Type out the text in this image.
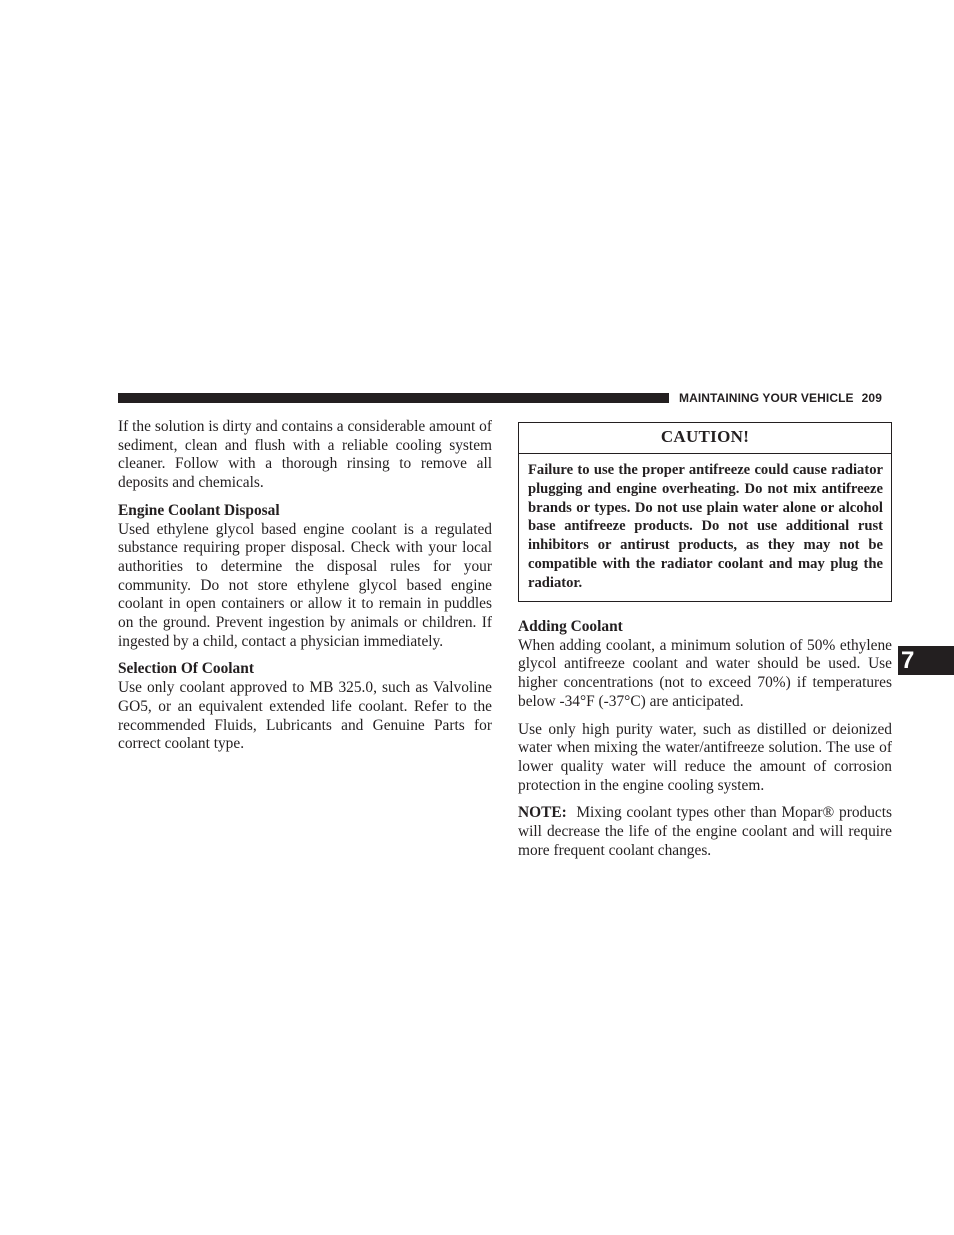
MAINTAINING YOUR VEHICLE 209

If the solution is dirty and contains a considerable amount of sediment, clean and flush with a reliable cooling system cleaner. Follow with a thorough rinsing to remove all deposits and chemicals.

Engine Coolant Disposal

Used ethylene glycol based engine coolant is a regulated substance requiring proper disposal. Check with your local authorities to determine the disposal rules for your community. Do not store ethylene glycol based engine coolant in open containers or allow it to remain in puddles on the ground. Prevent ingestion by animals or children. If ingested by a child, contact a physician immediately.

Selection Of Coolant

Use only coolant approved to MB 325.0, such as Valvoline GO5, or an equivalent extended life coolant. Refer to the recommended Fluids, Lubricants and Genuine Parts for correct coolant type.

CAUTION!
Failure to use the proper antifreeze could cause radiator plugging and engine overheating. Do not mix antifreeze brands or types. Do not use plain water alone or alcohol base antifreeze products. Do not use additional rust inhibitors or antirust products, as they may not be compatible with the radiator coolant and may plug the radiator.
Adding Coolant

When adding coolant, a minimum solution of 50% ethylene glycol antifreeze coolant and water should be used. Use higher concentrations (not to exceed 70%) if temperatures below -34°F (-37°C) are anticipated.

Use only high purity water, such as distilled or deionized water when mixing the water/antifreeze solution. The use of lower quality water will reduce the amount of corrosion protection in the engine cooling system.

NOTE: Mixing coolant types other than Mopar® products will decrease the life of the engine coolant and will require more frequent coolant changes.

7
